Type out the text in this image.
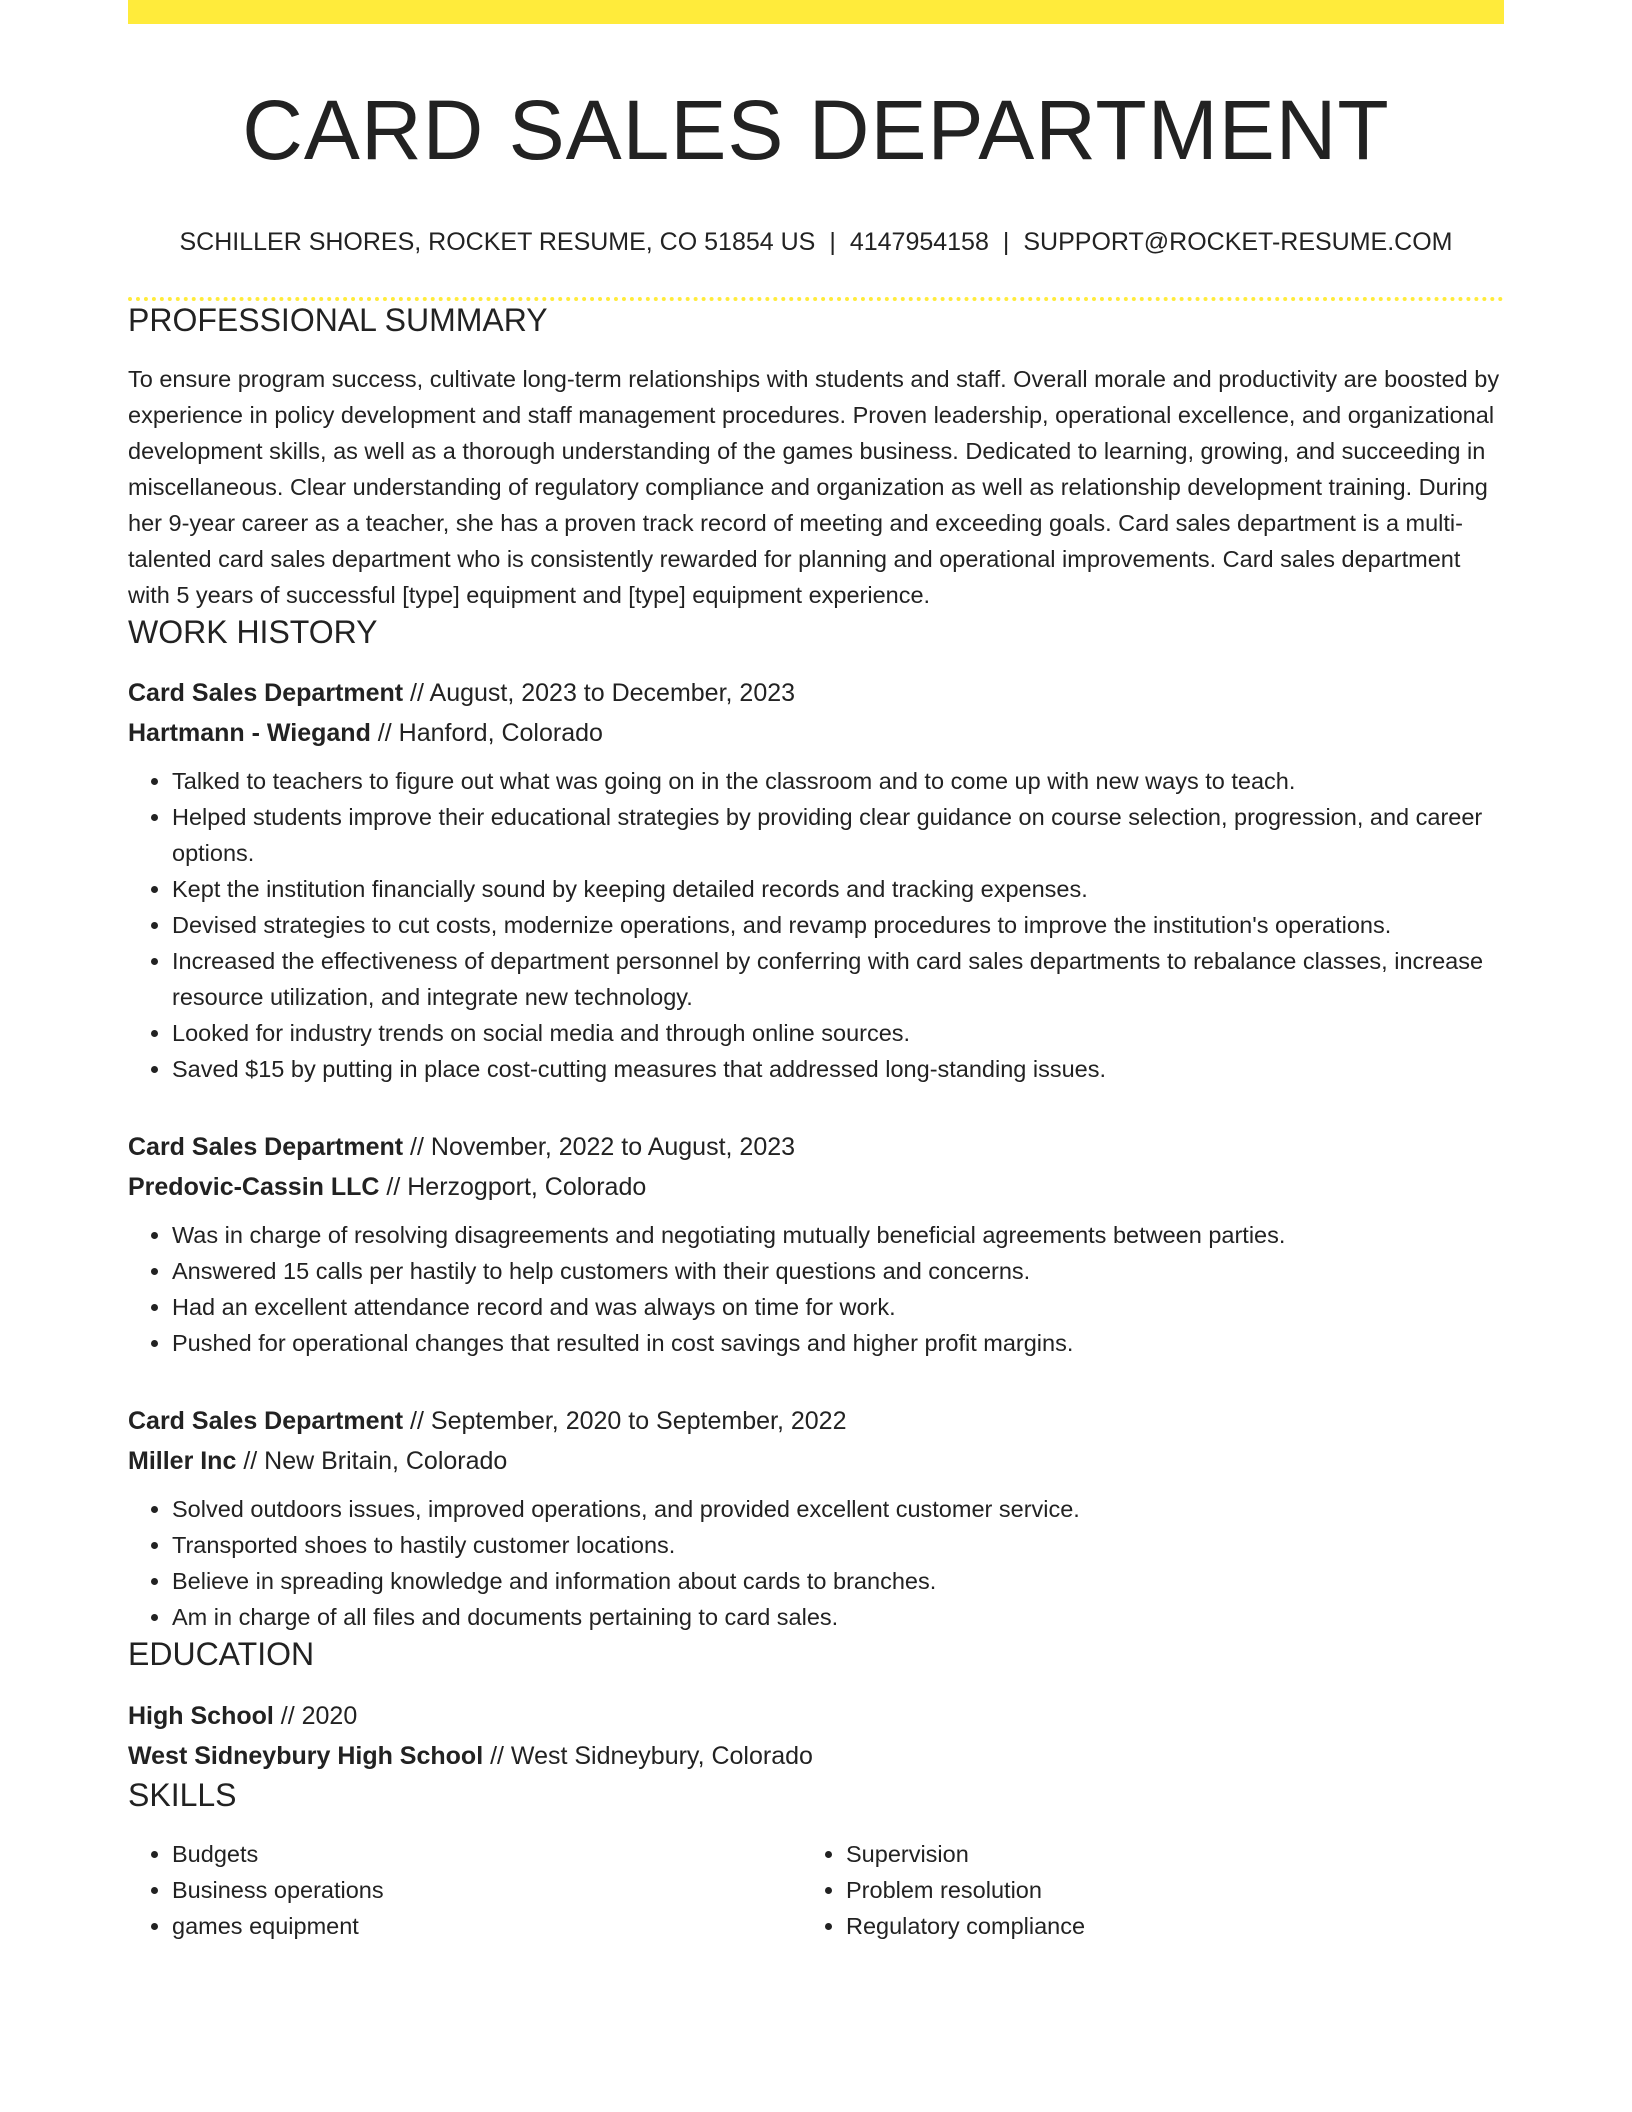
CARD SALES DEPARTMENT
SCHILLER SHORES, ROCKET RESUME, CO 51854 US | 4147954158 | SUPPORT@ROCKET-RESUME.COM
PROFESSIONAL SUMMARY

To ensure program success, cultivate long-term relationships with students and staff. Overall morale and productivity are boosted by experience in policy development and staff management procedures. Proven leadership, operational excellence, and organizational development skills, as well as a thorough understanding of the games business. Dedicated to learning, growing, and succeeding in miscellaneous. Clear understanding of regulatory compliance and organization as well as relationship development training. During her 9-year career as a teacher, she has a proven track record of meeting and exceeding goals. Card sales department is a multi-talented card sales department who is consistently rewarded for planning and operational improvements. Card sales department with 5 years of successful [type] equipment and [type] equipment experience.

WORK HISTORY
Card Sales Department // August, 2023 to December, 2023
Hartmann - Wiegand // Hanford, Colorado
• Talked to teachers to figure out what was going on in the classroom and to come up with new ways to teach.
• Helped students improve their educational strategies by providing clear guidance on course selection, progression, and career options.
• Kept the institution financially sound by keeping detailed records and tracking expenses.
• Devised strategies to cut costs, modernize operations, and revamp procedures to improve the institution's operations.
• Increased the effectiveness of department personnel by conferring with card sales departments to rebalance classes, increase resource utilization, and integrate new technology.
• Looked for industry trends on social media and through online sources.
• Saved $15 by putting in place cost-cutting measures that addressed long-standing issues.
Card Sales Department // November, 2022 to August, 2023
Predovic-Cassin LLC // Herzogport, Colorado
• Was in charge of resolving disagreements and negotiating mutually beneficial agreements between parties.
• Answered 15 calls per hastily to help customers with their questions and concerns.
• Had an excellent attendance record and was always on time for work.
• Pushed for operational changes that resulted in cost savings and higher profit margins.
Card Sales Department // September, 2020 to September, 2022
Miller Inc // New Britain, Colorado
• Solved outdoors issues, improved operations, and provided excellent customer service.
• Transported shoes to hastily customer locations.
• Believe in spreading knowledge and information about cards to branches.
• Am in charge of all files and documents pertaining to card sales.
EDUCATION
High School // 2020
West Sidneybury High School // West Sidneybury, Colorado
SKILLS
• Budgets
• Business operations
• games equipment
• Supervision
• Problem resolution
• Regulatory compliance
